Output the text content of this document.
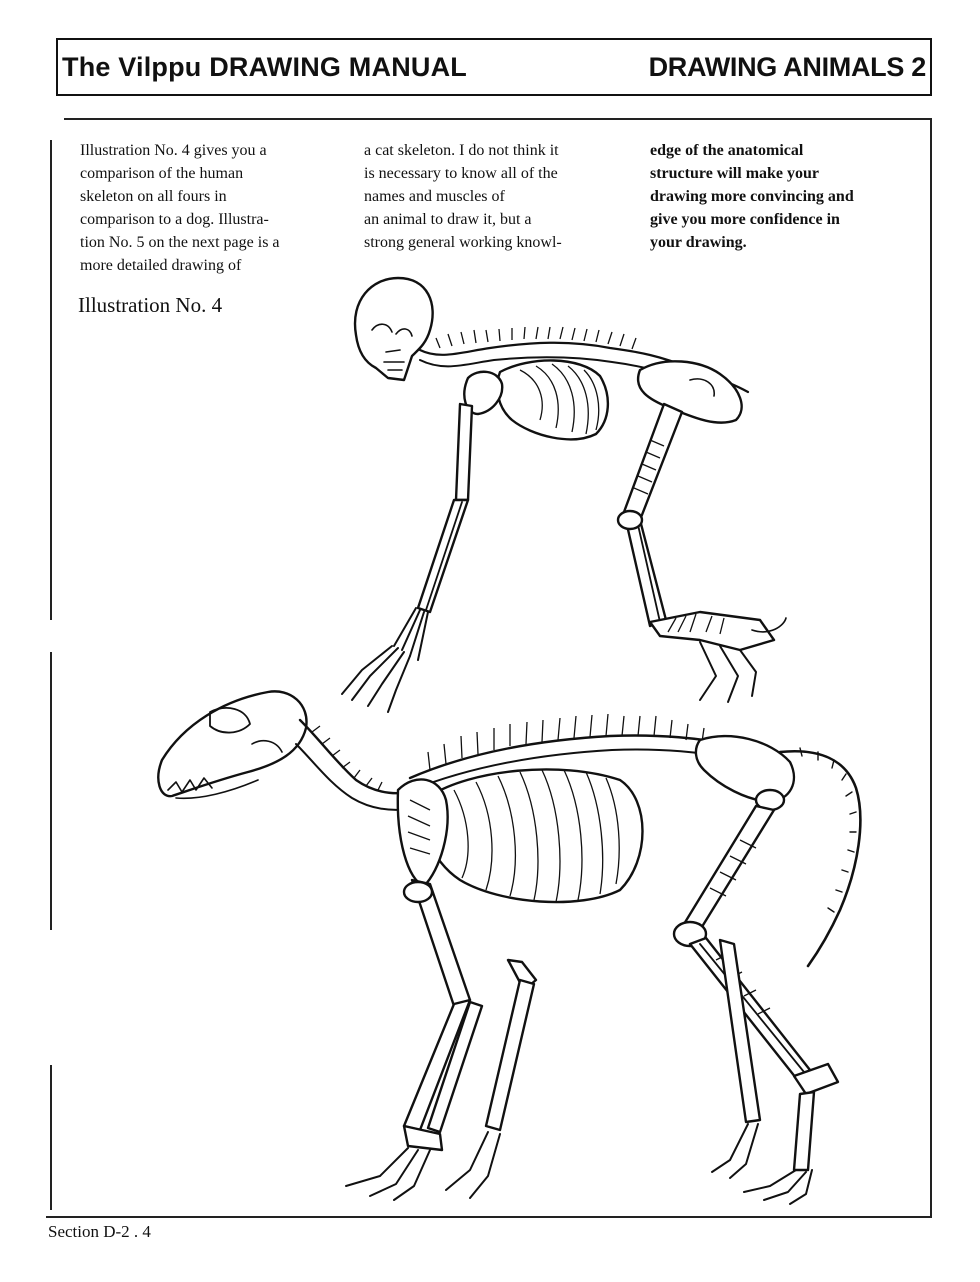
The Vilppu DRAWING MANUAL	DRAWING ANIMALS 2
Illustration No. 4 gives you a
comparison of the human
skeleton on all fours in
comparison to a dog. Illustra-
tion No. 5 on the next page is a
more detailed drawing of
a cat skeleton. I do not think it
is necessary to know all of the
names and muscles of
an animal to draw it, but a
strong general working knowl-
edge of the anatomical
structure will make your
drawing more convincing and
give you more confidence in
your drawing.
Illustration No. 4
Section D-2 . 4
